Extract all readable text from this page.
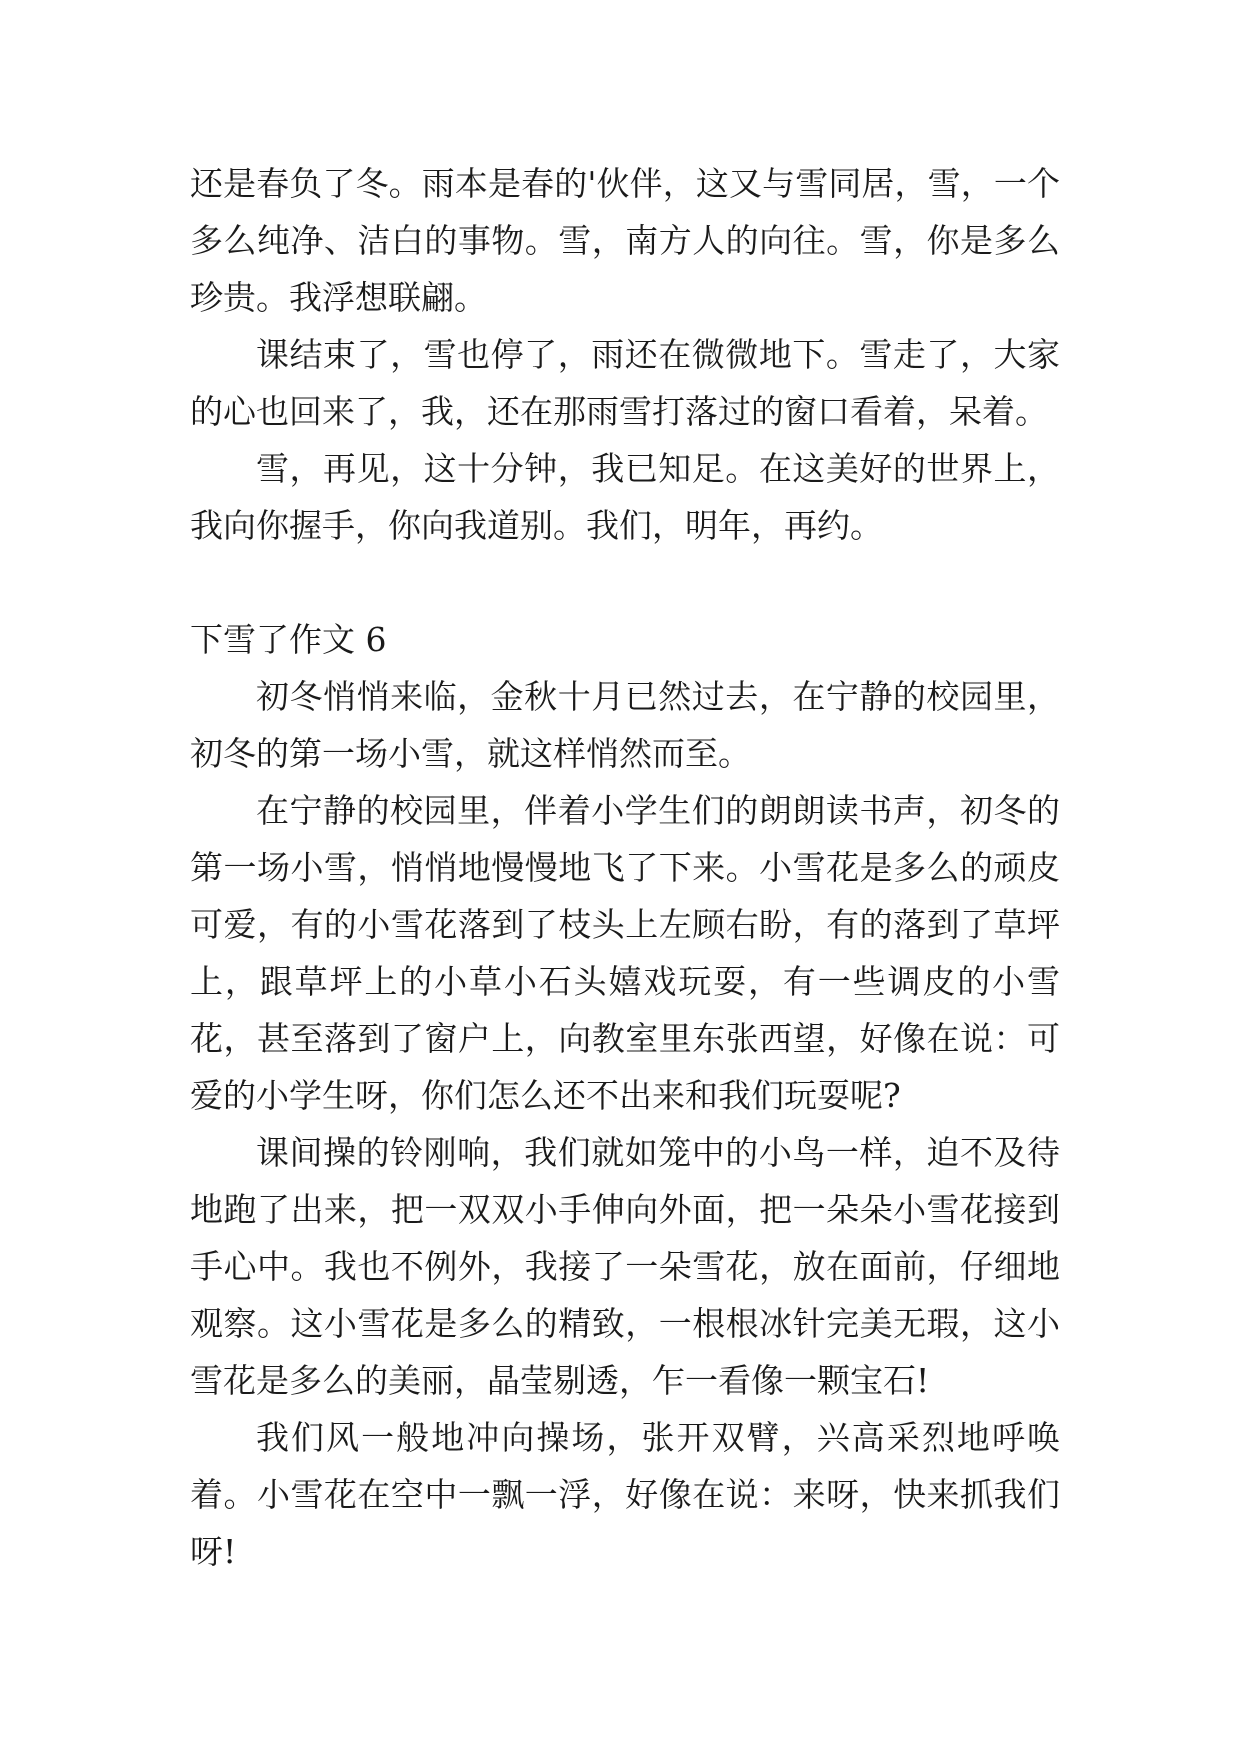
还是春负了冬。雨本是春的'伙伴，这又与雪同居，雪，一个多么纯净、洁白的事物。雪，南方人的向往。雪，你是多么珍贵。我浮想联翩。

课结束了，雪也停了，雨还在微微地下。雪走了，大家的心也回来了，我，还在那雨雪打落过的窗口看着，呆着。

雪，再见，这十分钟，我已知足。在这美好的世界上，我向你握手，你向我道别。我们，明年，再约。

下雪了作文 6

初冬悄悄来临，金秋十月已然过去，在宁静的校园里，初冬的第一场小雪，就这样悄然而至。

在宁静的校园里，伴着小学生们的朗朗读书声，初冬的第一场小雪，悄悄地慢慢地飞了下来。小雪花是多么的顽皮可爱，有的小雪花落到了枝头上左顾右盼，有的落到了草坪上，跟草坪上的小草小石头嬉戏玩耍，有一些调皮的小雪花，甚至落到了窗户上，向教室里东张西望，好像在说：可爱的小学生呀，你们怎么还不出来和我们玩耍呢?

课间操的铃刚响，我们就如笼中的小鸟一样，迫不及待地跑了出来，把一双双小手伸向外面，把一朵朵小雪花接到手心中。我也不例外，我接了一朵雪花，放在面前，仔细地观察。这小雪花是多么的精致，一根根冰针完美无瑕，这小雪花是多么的美丽，晶莹剔透，乍一看像一颗宝石!

我们风一般地冲向操场，张开双臂，兴高采烈地呼唤着。小雪花在空中一飘一浮，好像在说：来呀，快来抓我们呀!
